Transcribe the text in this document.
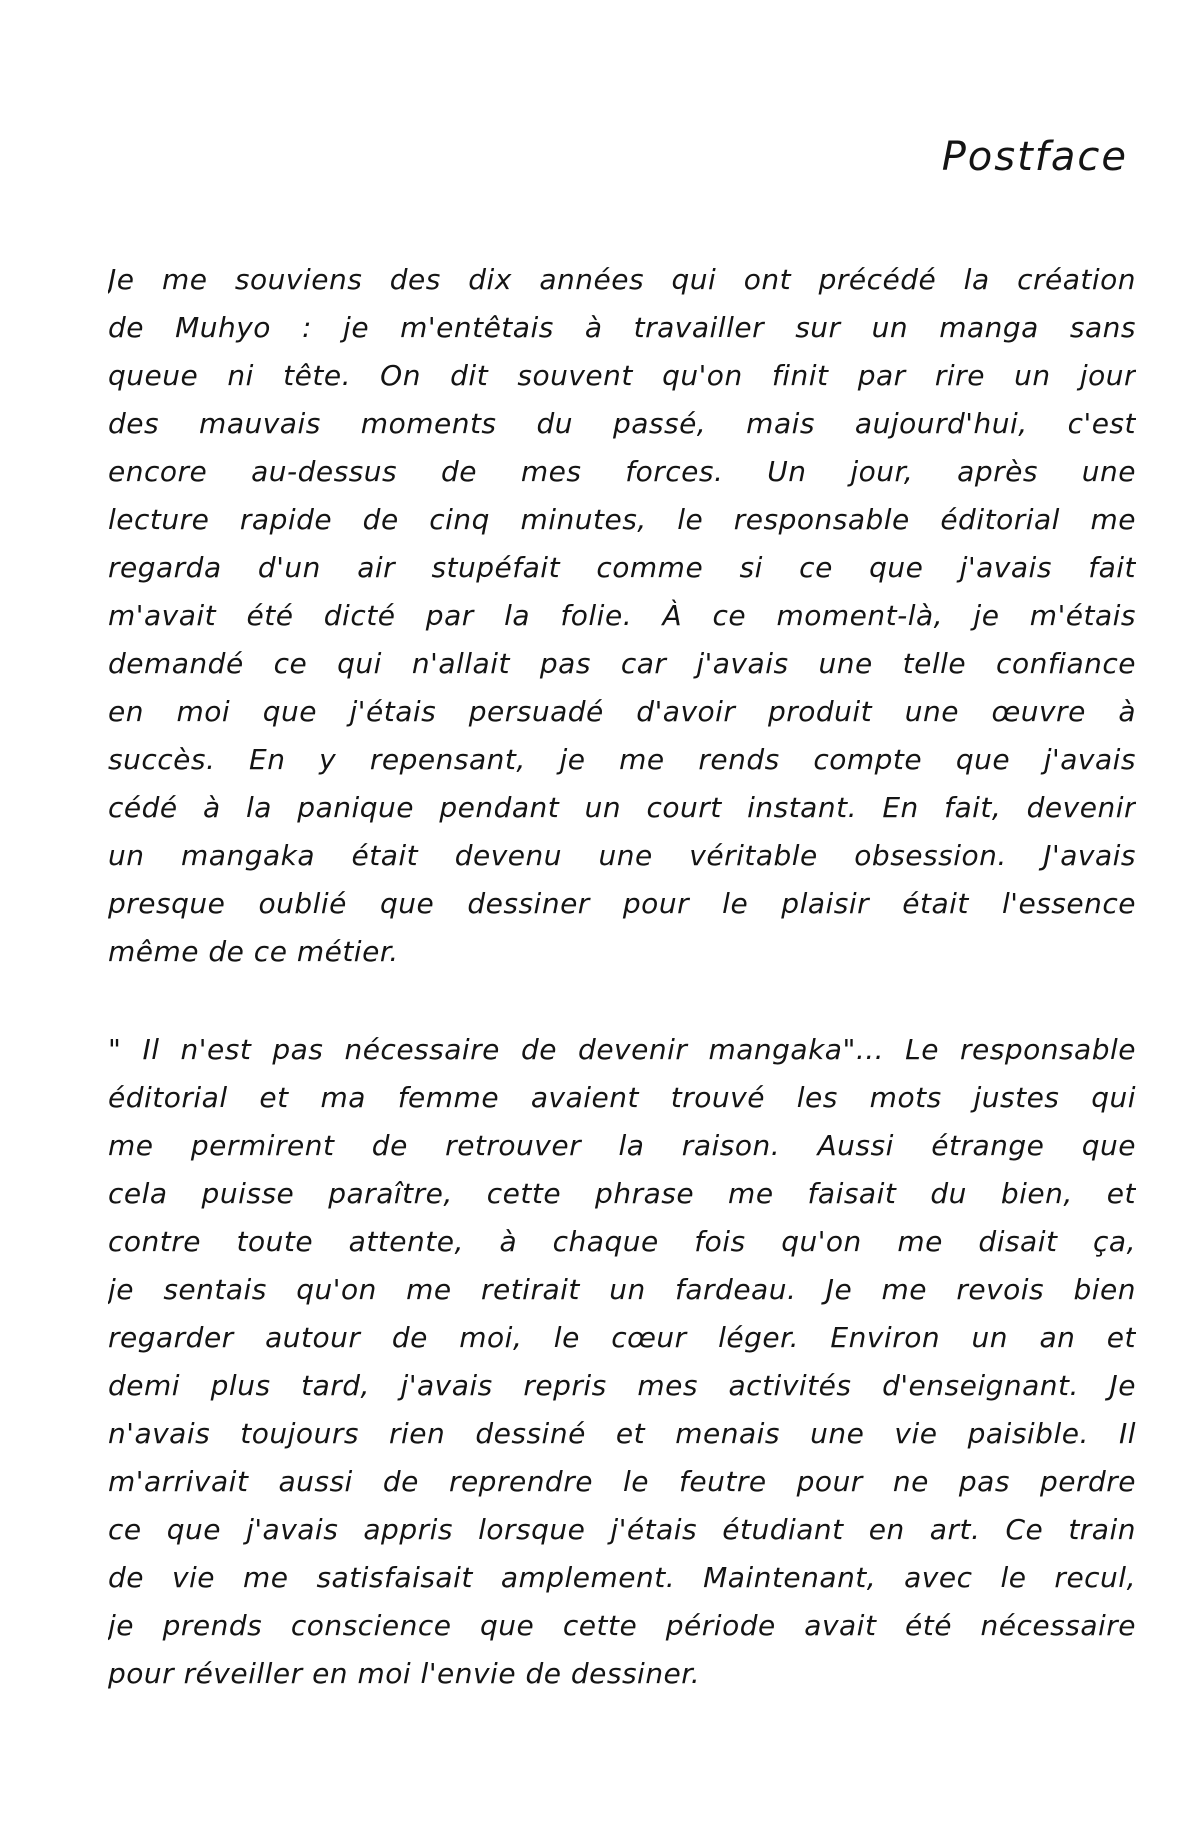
Postface
Je me souviens des dix années qui ont précédé la création
de Muhyo : je m'entêtais à travailler sur un manga sans
queue ni tête. On dit souvent qu'on finit par rire un jour
des mauvais moments du passé, mais aujourd'hui, c'est
encore au-dessus de mes forces. Un jour, après une
lecture rapide de cinq minutes, le responsable éditorial me
regarda d'un air stupéfait comme si ce que j'avais fait
m'avait été dicté par la folie. À ce moment-là, je m'étais
demandé ce qui n'allait pas car j'avais une telle confiance
en moi que j'étais persuadé d'avoir produit une œuvre à
succès. En y repensant, je me rends compte que j'avais
cédé à la panique pendant un court instant. En fait, devenir
un mangaka était devenu une véritable obsession. J'avais
presque oublié que dessiner pour le plaisir était l'essence
même de ce métier.
" Il n'est pas nécessaire de devenir mangaka"... Le responsable
éditorial et ma femme avaient trouvé les mots justes qui
me permirent de retrouver la raison. Aussi étrange que
cela puisse paraître, cette phrase me faisait du bien, et
contre toute attente, à chaque fois qu'on me disait ça,
je sentais qu'on me retirait un fardeau. Je me revois bien
regarder autour de moi, le cœur léger. Environ un an et
demi plus tard, j'avais repris mes activités d'enseignant. Je
n'avais toujours rien dessiné et menais une vie paisible. Il
m'arrivait aussi de reprendre le feutre pour ne pas perdre
ce que j'avais appris lorsque j'étais étudiant en art. Ce train
de vie me satisfaisait amplement. Maintenant, avec le recul,
je prends conscience que cette période avait été nécessaire
pour réveiller en moi l'envie de dessiner.
